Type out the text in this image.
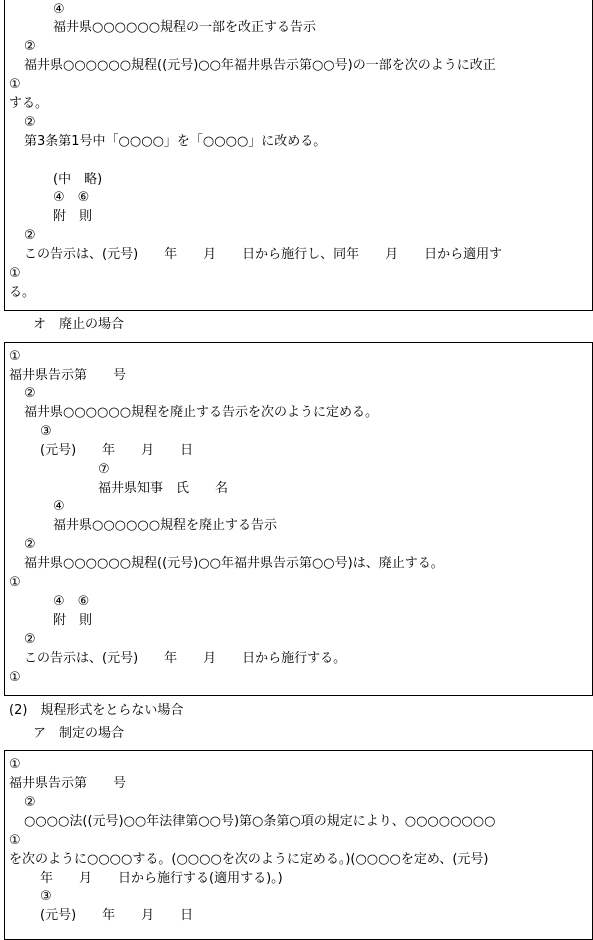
④
福井県○○○○○○規程の一部を改正する告示
②
福井県○○○○○○規程((元号)○○年福井県告示第○○号)の一部を次のように改正
①
する。
②
第3条第1号中「○○○○」を「○○○○」に改める。
(中　略)
④　⑥
附　則
②
この告示は、(元号)　　年　　月　　日から施行し、同年　　月　　日から適用す
①
る。
オ　廃止の場合
①
福井県告示第　　号
②
福井県○○○○○○規程を廃止する告示を次のように定める。
③
(元号)　　年　　月　　日
⑦
福井県知事　氏　　名
④
福井県○○○○○○規程を廃止する告示
②
福井県○○○○○○規程((元号)○○年福井県告示第○○号)は、廃止する。
①
④　⑥
附　則
②
この告示は、(元号)　　年　　月　　日から施行する。
①
(2)　規程形式をとらない場合
ア　制定の場合
①
福井県告示第　　号
②
○○○○法((元号)○○年法律第○○号)第○条第○項の規定により、○○○○○○○○
①
を次のように○○○○する。(○○○○を次のように定める。)(○○○○を定め、(元号)
年　　月　　日から施行する(適用する)。)
③
(元号)　　年　　月　　日
